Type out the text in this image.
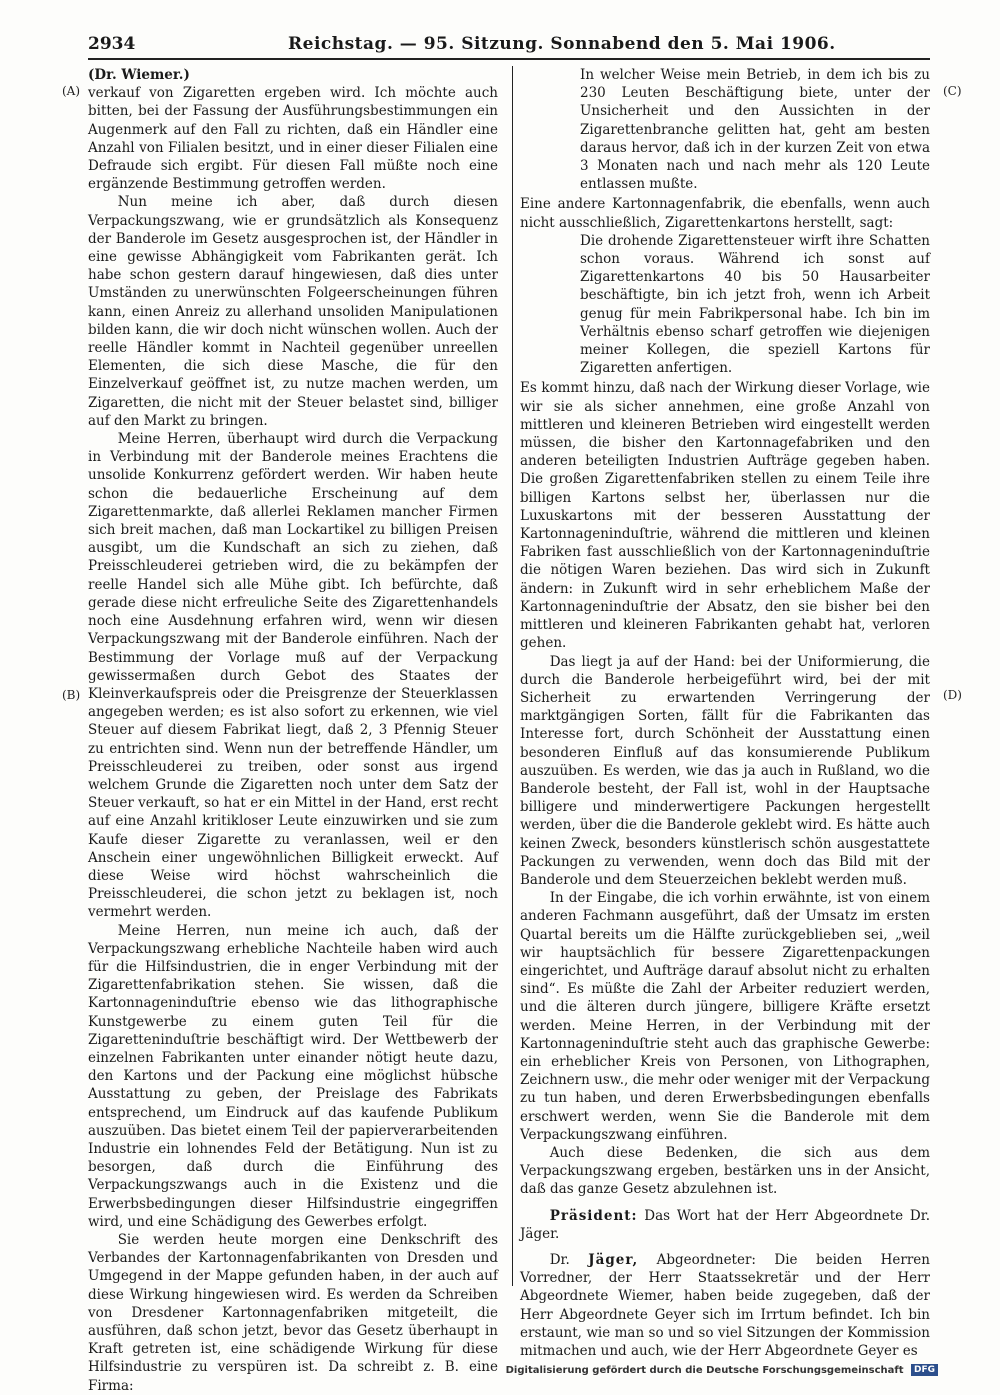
2934	Reichstag. — 95. Sitzung. Sonnabend den 5. Mai 1906.
(A)
(B)
(C)
(D)

(Dr. Wiemer.)

verkauf von Zigaretten ergeben wird. Ich möchte auch bitten, bei der Fassung der Ausführungsbestimmungen ein Augenmerk auf den Fall zu richten, daß ein Händler eine Anzahl von Filialen besitzt, und in einer dieser Filialen eine Defraude sich ergibt. Für diesen Fall müßte noch eine ergänzende Bestimmung getroffen werden.

Nun meine ich aber, daß durch diesen Verpackungszwang, wie er grundsätzlich als Konsequenz der Banderole im Gesetz ausgesprochen ist, der Händler in eine gewisse Abhängigkeit vom Fabrikanten gerät. Ich habe schon gestern darauf hingewiesen, daß dies unter Umständen zu unerwünschten Folgeerscheinungen führen kann, einen Anreiz zu allerhand unsoliden Manipulationen bilden kann, die wir doch nicht wünschen wollen. Auch der reelle Händler kommt in Nachteil gegenüber unreellen Elementen, die sich diese Masche, die für den Einzelverkauf geöffnet ist, zu nutze machen werden, um Zigaretten, die nicht mit der Steuer belastet sind, billiger auf den Markt zu bringen.

Meine Herren, überhaupt wird durch die Verpackung in Verbindung mit der Banderole meines Erachtens die unsolide Konkurrenz gefördert werden. Wir haben heute schon die bedauerliche Erscheinung auf dem Zigarettenmarkte, daß allerlei Reklamen mancher Firmen sich breit machen, daß man Lockartikel zu billigen Preisen ausgibt, um die Kundschaft an sich zu ziehen, daß Preisschleuderei getrieben wird, die zu bekämpfen der reelle Handel sich alle Mühe gibt. Ich befürchte, daß gerade diese nicht erfreuliche Seite des Zigarettenhandels noch eine Ausdehnung erfahren wird, wenn wir diesen Verpackungszwang mit der Banderole einführen. Nach der Bestimmung der Vorlage muß auf der Verpackung gewissermaßen durch Gebot des Staates der Kleinverkaufspreis oder die Preisgrenze der Steuerklassen angegeben werden; es ist also sofort zu erkennen, wie viel Steuer auf diesem Fabrikat liegt, daß 2, 3 Pfennig Steuer zu entrichten sind. Wenn nun der betreffende Händler, um Preisschleuderei zu treiben, oder sonst aus irgend welchem Grunde die Zigaretten noch unter dem Satz der Steuer verkauft, so hat er ein Mittel in der Hand, erst recht auf eine Anzahl kritikloser Leute einzuwirken und sie zum Kaufe dieser Zigarette zu veranlassen, weil er den Anschein einer ungewöhnlichen Billigkeit erweckt. Auf diese Weise wird höchst wahrscheinlich die Preisschleuderei, die schon jetzt zu beklagen ist, noch vermehrt werden.

Meine Herren, nun meine ich auch, daß der Verpackungszwang erhebliche Nachteile haben wird auch für die Hilfsindustrien, die in enger Verbindung mit der Zigarettenfabrikation stehen. Sie wissen, daß die Kartonnageninduſtrie ebenso wie das lithographische Kunstgewerbe zu einem guten Teil für die Zigaretteninduſtrie beschäftigt wird. Der Wettbewerb der einzelnen Fabrikanten unter einander nötigt heute dazu, den Kartons und der Packung eine möglichst hübsche Ausstattung zu geben, der Preislage des Fabrikats entsprechend, um Eindruck auf das kaufende Publikum auszuüben. Das bietet einem Teil der papierverarbeitenden Industrie ein lohnendes Feld der Betätigung. Nun ist zu besorgen, daß durch die Einführung des Verpackungszwangs auch in die Existenz und die Erwerbsbedingungen dieser Hilfsindustrie eingegriffen wird, und eine Schädigung des Gewerbes erfolgt.

Sie werden heute morgen eine Denkschrift des Verbandes der Kartonnagenfabrikanten von Dresden und Umgegend in der Mappe gefunden haben, in der auch auf diese Wirkung hingewiesen wird. Es werden da Schreiben von Dresdener Kartonnagenfabriken mitgeteilt, die ausführen, daß schon jetzt, bevor das Gesetz überhaupt in Kraft getreten ist, eine schädigende Wirkung für diese Hilfsindustrie zu verspüren ist. Da schreibt z. B. eine Firma:

In welcher Weise mein Betrieb, in dem ich bis zu 230 Leuten Beschäftigung biete, unter der Unsicherheit und den Aussichten in der Zigarettenbranche gelitten hat, geht am besten daraus hervor, daß ich in der kurzen Zeit von etwa 3 Monaten nach und nach mehr als 120 Leute entlassen mußte.

Eine andere Kartonnagenfabrik, die ebenfalls, wenn auch nicht ausschließlich, Zigarettenkartons herstellt, sagt:

Die drohende Zigarettensteuer wirft ihre Schatten schon voraus. Während ich sonst auf Zigarettenkartons 40 bis 50 Hausarbeiter beschäftigte, bin ich jetzt froh, wenn ich Arbeit genug für mein Fabrikpersonal habe. Ich bin im Verhältnis ebenso scharf getroffen wie diejenigen meiner Kollegen, die speziell Kartons für Zigaretten anfertigen.

Es kommt hinzu, daß nach der Wirkung dieser Vorlage, wie wir sie als sicher annehmen, eine große Anzahl von mittleren und kleineren Betrieben wird eingestellt werden müssen, die bisher den Kartonnagefabriken und den anderen beteiligten Industrien Aufträge gegeben haben. Die großen Zigarettenfabriken stellen zu einem Teile ihre billigen Kartons selbst her, überlassen nur die Luxuskartons mit der besseren Ausstattung der Kartonnageninduſtrie, während die mittleren und kleinen Fabriken fast ausschließlich von der Kartonnageninduſtrie die nötigen Waren beziehen. Das wird sich in Zukunft ändern: in Zukunft wird in sehr erheblichem Maße der Kartonnageninduſtrie der Absatz, den sie bisher bei den mittleren und kleineren Fabrikanten gehabt hat, verloren gehen.

Das liegt ja auf der Hand: bei der Uniformierung, die durch die Banderole herbeigeführt wird, bei der mit Sicherheit zu erwartenden Verringerung der marktgängigen Sorten, fällt für die Fabrikanten das Interesse fort, durch Schönheit der Ausstattung einen besonderen Einfluß auf das konsumierende Publikum auszuüben. Es werden, wie das ja auch in Rußland, wo die Banderole besteht, der Fall ist, wohl in der Hauptsache billigere und minderwertigere Packungen hergestellt werden, über die die Banderole geklebt wird. Es hätte auch keinen Zweck, besonders künstlerisch schön ausgestattete Packungen zu verwenden, wenn doch das Bild mit der Banderole und dem Steuerzeichen beklebt werden muß.

In der Eingabe, die ich vorhin erwähnte, ist von einem anderen Fachmann ausgeführt, daß der Umsatz im ersten Quartal bereits um die Hälfte zurückgeblieben sei, „weil wir hauptsächlich für bessere Zigarettenpackungen eingerichtet, und Aufträge darauf absolut nicht zu erhalten sind“. Es müßte die Zahl der Arbeiter reduziert werden, und die älteren durch jüngere, billigere Kräfte ersetzt werden. Meine Herren, in der Verbindung mit der Kartonnageninduſtrie steht auch das graphische Gewerbe: ein erheblicher Kreis von Personen, von Lithographen, Zeichnern usw., die mehr oder weniger mit der Verpackung zu tun haben, und deren Erwerbsbedingungen ebenfalls erschwert werden, wenn Sie die Banderole mit dem Verpackungszwang einführen.

Auch diese Bedenken, die sich aus dem Verpackungszwang ergeben, bestärken uns in der Ansicht, daß das ganze Gesetz abzulehnen ist.

Präsident: Das Wort hat der Herr Abgeordnete Dr. Jäger.

Dr. Jäger, Abgeordneter: Die beiden Herren Vorredner, der Herr Staatssekretär und der Herr Abgeordnete Wiemer, haben beide zugegeben, daß der Herr Abgeordnete Geyer sich im Irrtum befindet. Ich bin erstaunt, wie man so und so viel Sitzungen der Kommission mitmachen und auch, wie der Herr Abgeordnete Geyer es

Digitalisierung gefördert durch die Deutsche Forschungsgemeinschaft DFG
